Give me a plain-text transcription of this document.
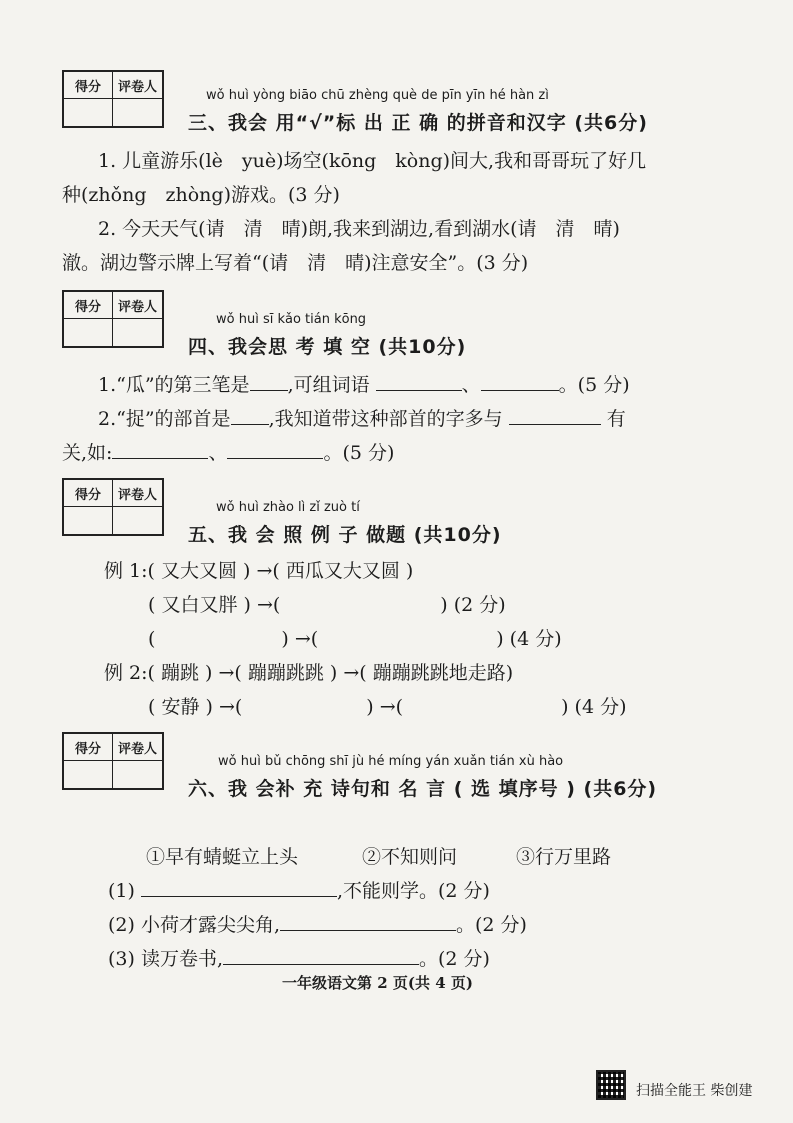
得分	评卷人
wǒ huì yòng biāo chū zhèng què de pīn yīn hé hàn zì
三、我会 用“√”标 出 正 确 的拼音和汉字 (共6分)
1. 儿童游乐(lè　yuè)场空(kōng　kòng)间大,我和哥哥玩了好几
种(zhǒng　zhòng)游戏。(3 分)
2. 今天天气(请　清　晴)朗,我来到湖边,看到湖水(请　清　晴)
澈。湖边警示牌上写着“(请　清　晴)注意安全”。(3 分)
得分	评卷人
wǒ huì sī kǎo tián kōng
四、我会思 考 填 空 (共10分)
1.“瓜”的第三笔是 ,可组词语	、	。(5 分)
2.“捉”的部首是 ,我知道带这种部首的字多与	有
关,如:	、	。(5 分)
得分	评卷人
wǒ huì zhào lì zǐ zuò tí
五、我 会 照 例 子 做题 (共10分)
例 1:( 又大又圆 ) →( 西瓜又大又圆 )
( 又白又胖 ) →(	) (2 分)
(	) →(	) (4 分)
例 2:( 蹦跳 ) →( 蹦蹦跳跳 ) →( 蹦蹦跳跳地走路)
( 安静 ) →(	) →(	) (4 分)
得分	评卷人
wǒ huì bǔ chōng shī jù hé míng yán xuǎn tián xù hào
六、我 会补 充 诗句和 名 言 ( 选 填序号 ) (共6分)
①早有蜻蜓立上头	②不知则问	③行万里路
(1)	,不能则学。(2 分)
(2) 小荷才露尖尖角,	。(2 分)
(3) 读万卷书,	。(2 分)
一年级语文第 2 页(共 4 页)
扫描全能王 柴创建
